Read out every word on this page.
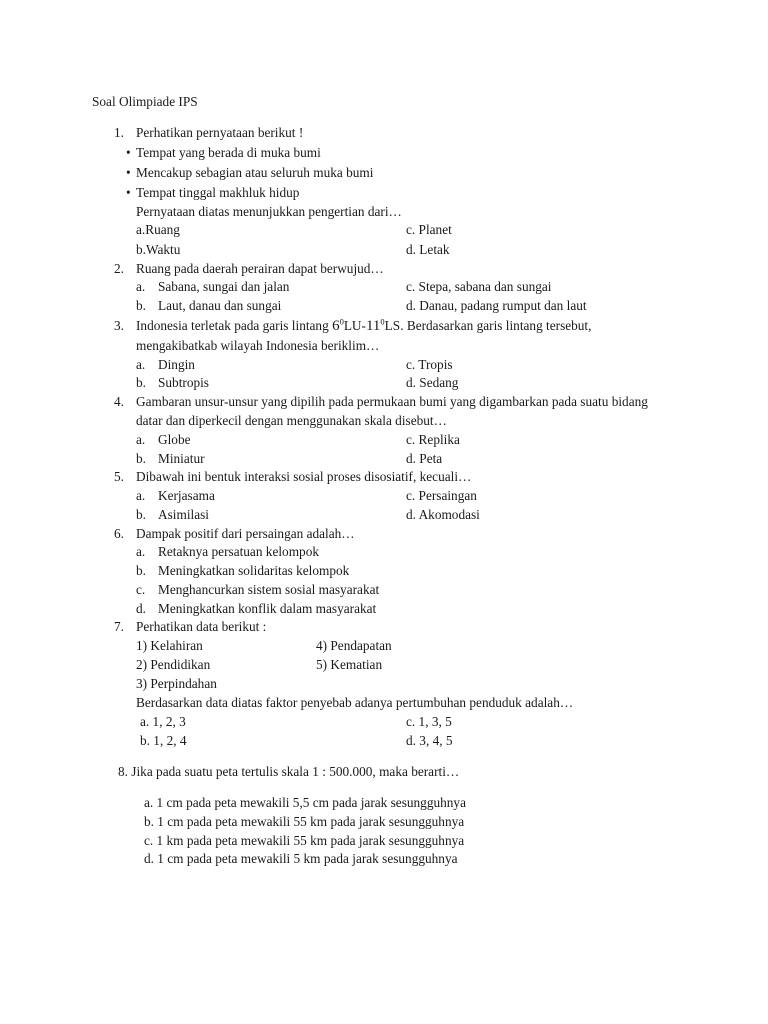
Soal Olimpiade IPS
1. Perhatikan pernyataan berikut !
• Tempat yang berada di muka bumi
• Mencakup sebagian atau seluruh muka bumi
• Tempat tinggal makhluk hidup
Pernyataan diatas menunjukkan pengertian dari…
a.Ruang	c. Planet
b.Waktu	d. Letak
2. Ruang pada daerah perairan dapat berwujud…
a. Sabana, sungai dan jalan	c. Stepa, sabana dan sungai
b. Laut, danau dan sungai	d. Danau, padang rumput dan laut
3. Indonesia terletak pada garis lintang $6^0LU-11^0LS$. Berdasarkan garis lintang tersebut,
mengakibatkab wilayah Indonesia beriklim…
a. Dingin	c. Tropis
b. Subtropis	d. Sedang
4. Gambaran unsur-unsur yang dipilih pada permukaan bumi yang digambarkan pada suatu bidang
datar dan diperkecil dengan menggunakan skala disebut…
a. Globe	c. Replika
b. Miniatur	d. Peta
5. Dibawah ini bentuk interaksi sosial proses disosiatif, kecuali…
a. Kerjasama	c. Persaingan
b. Asimilasi	d. Akomodasi
6. Dampak positif dari persaingan adalah…
a. Retaknya persatuan kelompok
b. Meningkatkan solidaritas kelompok
c. Menghancurkan sistem sosial masyarakat
d. Meningkatkan konflik dalam masyarakat
7. Perhatikan data berikut :
1) Kelahiran	4) Pendapatan
2) Pendidikan	5) Kematian
3) Perpindahan
Berdasarkan data diatas faktor penyebab adanya pertumbuhan penduduk adalah…
a. 1, 2, 3	c. 1, 3, 5
b. 1, 2, 4	d. 3, 4, 5
8. Jika pada suatu peta tertulis skala 1 : 500.000, maka berarti…
a. 1 cm pada peta mewakili 5,5 cm pada jarak sesungguhnya
b. 1 cm pada peta mewakili 55 km pada jarak sesungguhnya
c. 1 km pada peta mewakili 55 km pada jarak sesungguhnya
d. 1 cm pada peta mewakili 5 km pada jarak sesungguhnya
